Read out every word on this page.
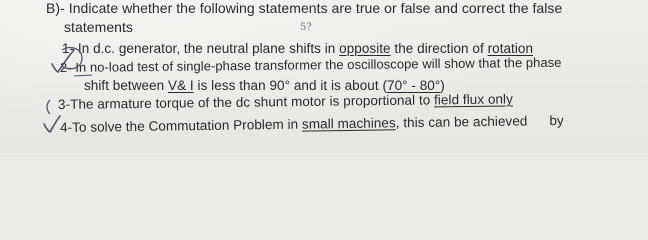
B)- Indicate whether the following statements are true or false and correct the false
statements	5?
1- In d.c. generator, the neutral plane shifts in opposite the direction of rotation
2- In no-load test of single-phase transformer the oscilloscope will show that the phase
shift between V& I is less than 90° and it is about (70° - 80°)
3-The armature torque of the dc shunt motor is proportional to field flux only
4-To solve the Commutation Problem in small machines, this can be achieved by
